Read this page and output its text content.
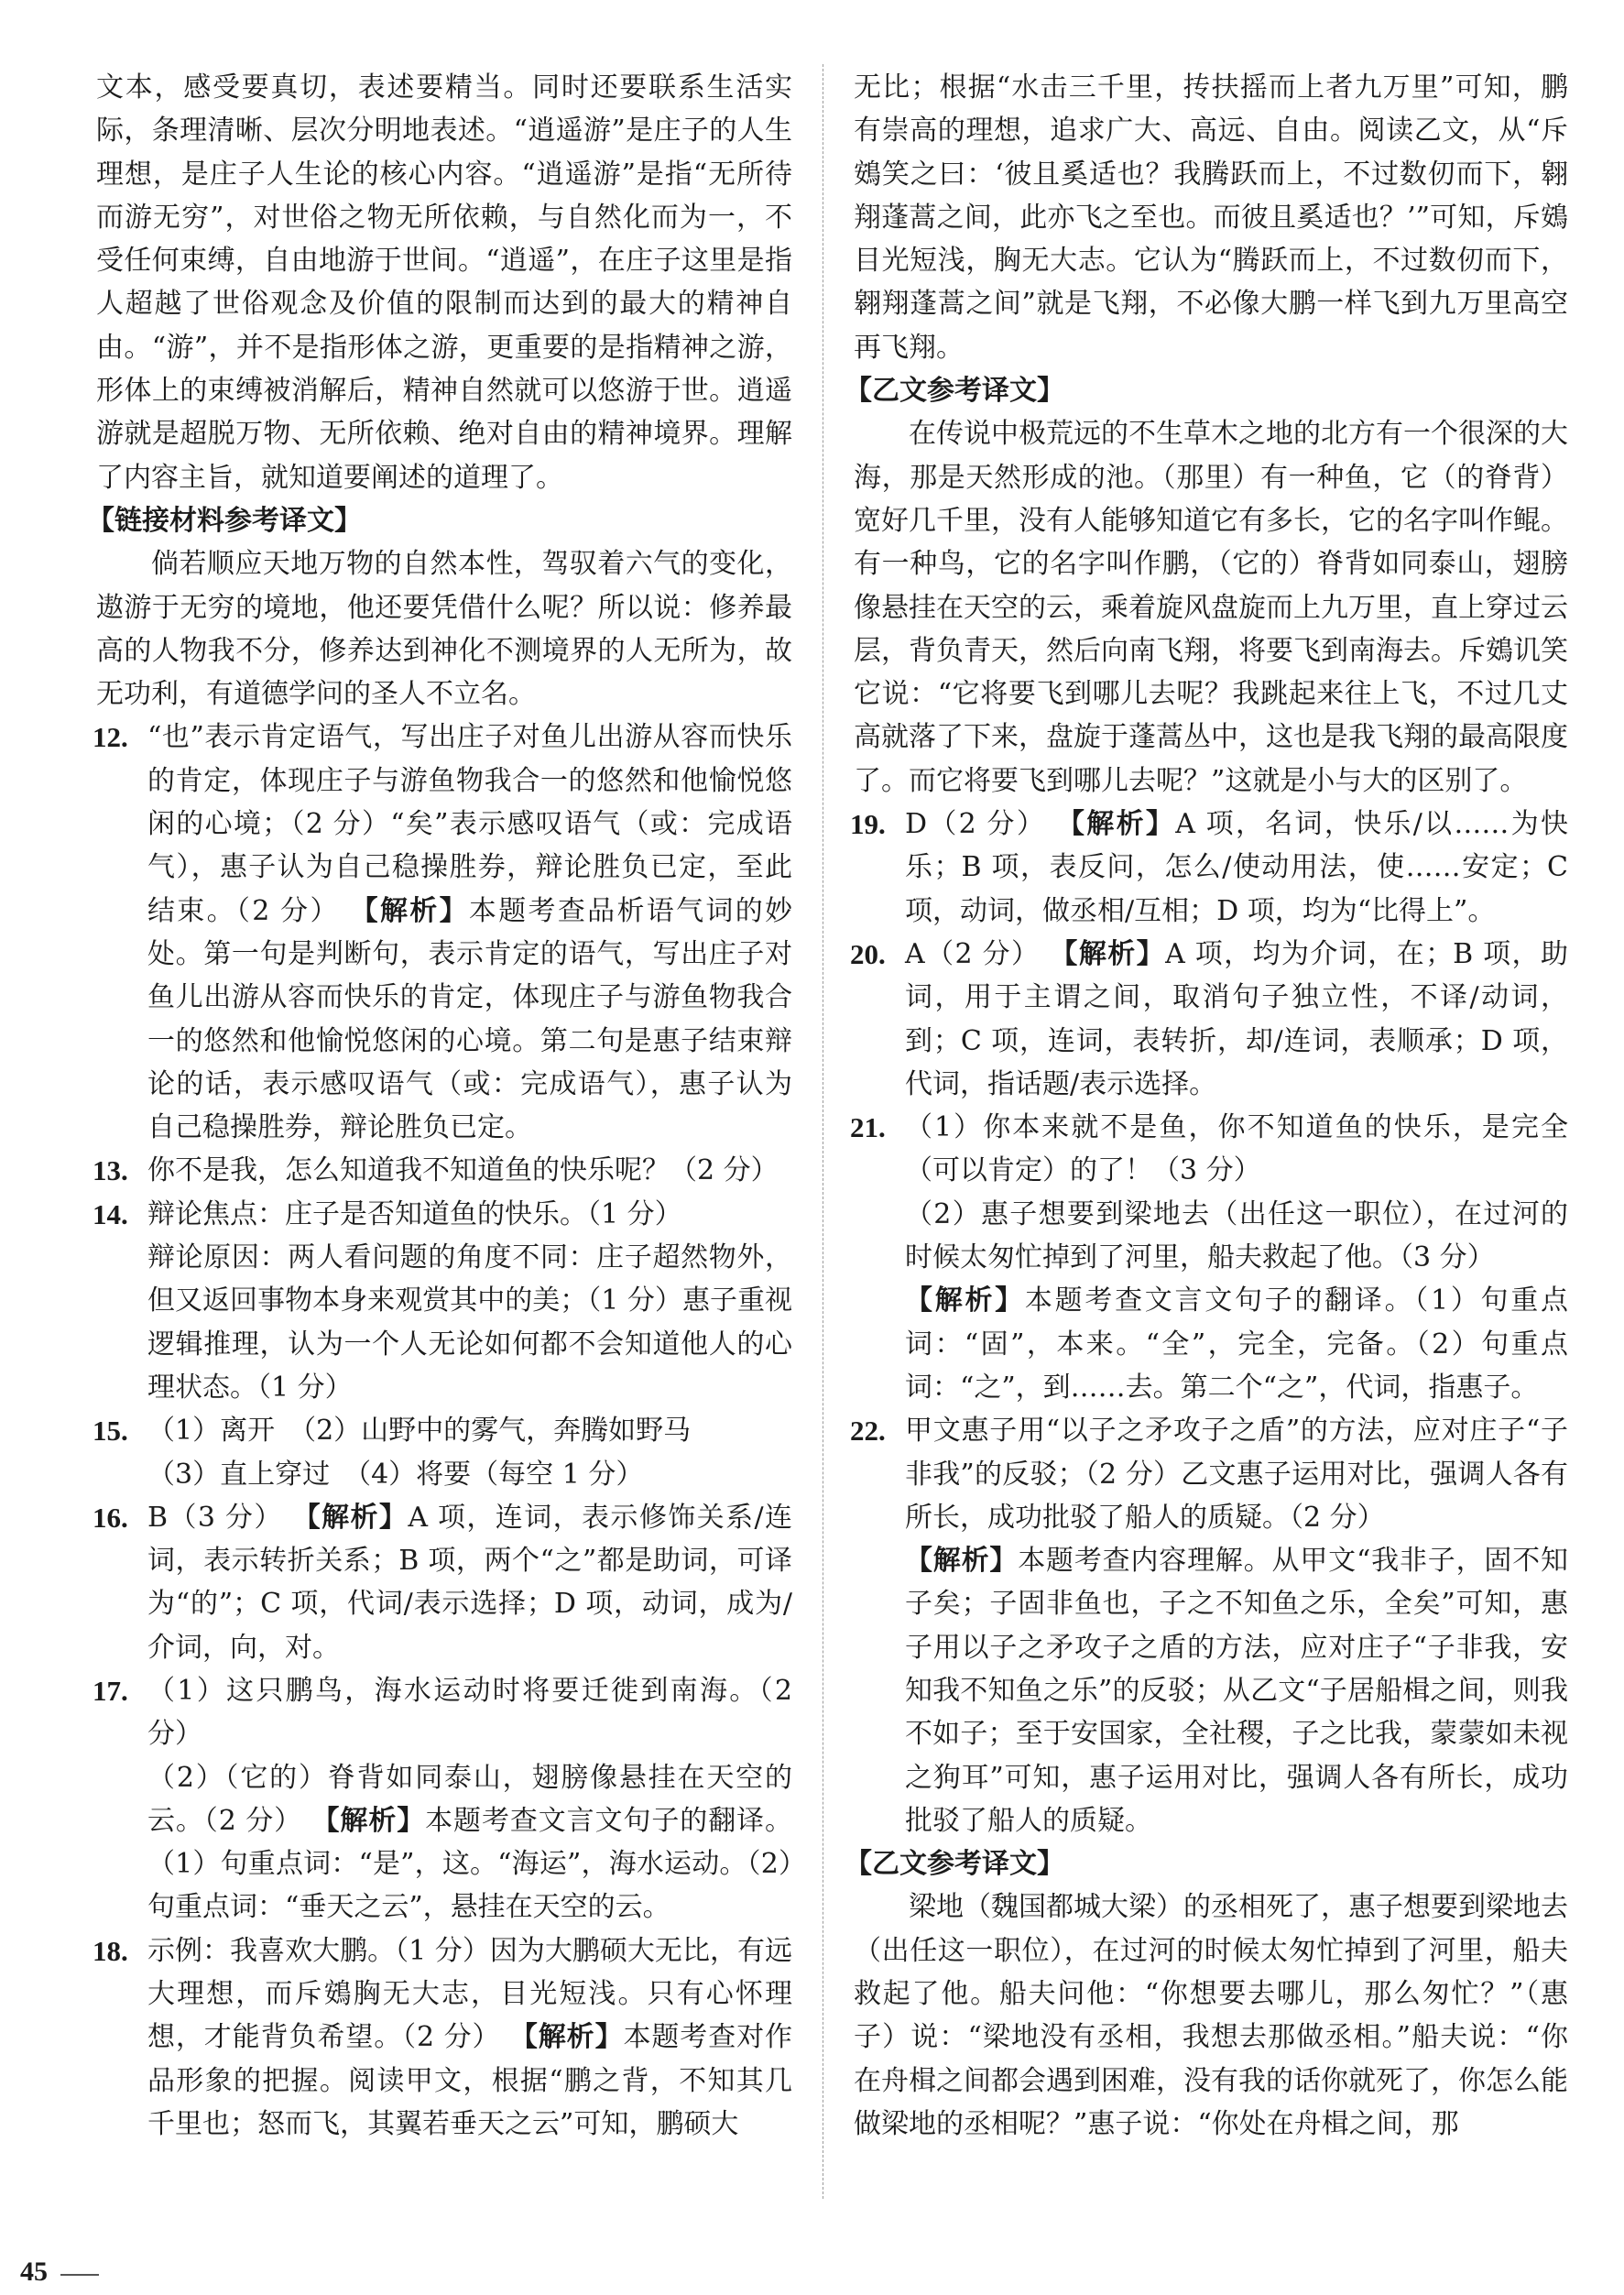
文本，感受要真切，表述要精当。同时还要联系生活实际，条理清晰、层次分明地表述。“逍遥游”是庄子的人生理想，是庄子人生论的核心内容。“逍遥游”是指“无所待而游无穷”，对世俗之物无所依赖，与自然化而为一，不受任何束缚，自由地游于世间。“逍遥”，在庄子这里是指人超越了世俗观念及价值的限制而达到的最大的精神自由。“游”，并不是指形体之游，更重要的是指精神之游，形体上的束缚被消解后，精神自然就可以悠游于世。逍遥游就是超脱万物、无所依赖、绝对自由的精神境界。理解了内容主旨，就知道要阐述的道理了。

【链接材料参考译文】

倘若顺应天地万物的自然本性，驾驭着六气的变化，遨游于无穷的境地，他还要凭借什么呢？所以说：修养最高的人物我不分，修养达到神化不测境界的人无所为，故无功利，有道德学问的圣人不立名。

12. “也”表示肯定语气，写出庄子对鱼儿出游从容而快乐的肯定，体现庄子与游鱼物我合一的悠然和他愉悦悠闲的心境；（2 分）“矣”表示感叹语气（或：完成语气），惠子认为自己稳操胜券，辩论胜负已定，至此结束。（2 分） 【解析】本题考查品析语气词的妙处。第一句是判断句，表示肯定的语气，写出庄子对鱼儿出游从容而快乐的肯定，体现庄子与游鱼物我合一的悠然和他愉悦悠闲的心境。第二句是惠子结束辩论的话，表示感叹语气（或：完成语气），惠子认为自己稳操胜券，辩论胜负已定。
13. 你不是我，怎么知道我不知道鱼的快乐呢？（2 分）
14. 辩论焦点：庄子是否知道鱼的快乐。（1 分）
辩论原因：两人看问题的角度不同：庄子超然物外，但又返回事物本身来观赏其中的美；（1 分）惠子重视逻辑推理，认为一个人无论如何都不会知道他人的心理状态。（1 分）
15. （1）离开　（2）山野中的雾气，奔腾如野马
（3）直上穿过　（4）将要（每空 1 分）
16. B（3 分） 【解析】A 项，连词，表示修饰关系/连词，表示转折关系；B 项，两个“之”都是助词，可译为“的”；C 项，代词/表示选择；D 项，动词，成为/介词，向，对。
17. （1）这只鹏鸟，海水运动时将要迁徙到南海。（2 分）
（2）（它的）脊背如同泰山，翅膀像悬挂在天空的云。（2 分） 【解析】本题考查文言文句子的翻译。（1）句重点词：“是”，这。“海运”，海水运动。（2）句重点词：“垂天之云”，悬挂在天空的云。
18. 示例：我喜欢大鹏。（1 分）因为大鹏硕大无比，有远大理想，而斥鴳胸无大志，目光短浅。只有心怀理想，才能背负希望。（2 分） 【解析】本题考查对作品形象的把握。阅读甲文，根据“鹏之背，不知其几千里也；怒而飞，其翼若垂天之云”可知，鹏硕大

无比；根据“水击三千里，抟扶摇而上者九万里”可知，鹏有崇高的理想，追求广大、高远、自由。阅读乙文，从“斥鴳笑之曰：‘彼且奚适也？我腾跃而上，不过数仞而下，翱翔蓬蒿之间，此亦飞之至也。而彼且奚适也？’”可知，斥鴳目光短浅，胸无大志。它认为“腾跃而上，不过数仞而下，翱翔蓬蒿之间”就是飞翔，不必像大鹏一样飞到九万里高空再飞翔。

【乙文参考译文】

在传说中极荒远的不生草木之地的北方有一个很深的大海，那是天然形成的池。（那里）有一种鱼，它（的脊背）宽好几千里，没有人能够知道它有多长，它的名字叫作鲲。有一种鸟，它的名字叫作鹏，（它的）脊背如同泰山，翅膀像悬挂在天空的云，乘着旋风盘旋而上九万里，直上穿过云层，背负青天，然后向南飞翔，将要飞到南海去。斥鴳讥笑它说：“它将要飞到哪儿去呢？我跳起来往上飞，不过几丈高就落了下来，盘旋于蓬蒿丛中，这也是我飞翔的最高限度了。而它将要飞到哪儿去呢？”这就是小与大的区别了。

19. D（2 分） 【解析】A 项，名词，快乐/以……为快乐；B 项，表反问，怎么/使动用法，使……安定；C 项，动词，做丞相/互相；D 项，均为“比得上”。
20. A（2 分） 【解析】A 项，均为介词，在；B 项，助词，用于主谓之间，取消句子独立性，不译/动词，到；C 项，连词，表转折，却/连词，表顺承；D 项，代词，指话题/表示选择。
21. （1）你本来就不是鱼，你不知道鱼的快乐，是完全（可以肯定）的了！（3 分）
（2）惠子想要到梁地去（出任这一职位），在过河的时候太匆忙掉到了河里，船夫救起了他。（3 分）
【解析】本题考查文言文句子的翻译。（1）句重点词：“固”，本来。“全”，完全，完备。（2）句重点词：“之”，到……去。第二个“之”，代词，指惠子。
22. 甲文惠子用“以子之矛攻子之盾”的方法，应对庄子“子非我”的反驳；（2 分）乙文惠子运用对比，强调人各有所长，成功批驳了船人的质疑。（2 分）
【解析】本题考查内容理解。从甲文“我非子，固不知子矣；子固非鱼也，子之不知鱼之乐，全矣”可知，惠子用以子之矛攻子之盾的方法，应对庄子“子非我，安知我不知鱼之乐”的反驳；从乙文“子居船楫之间，则我不如子；至于安国家，全社稷，子之比我，蒙蒙如未视之狗耳”可知，惠子运用对比，强调人各有所长，成功批驳了船人的质疑。

【乙文参考译文】

梁地（魏国都城大梁）的丞相死了，惠子想要到梁地去（出任这一职位），在过河的时候太匆忙掉到了河里，船夫救起了他。船夫问他：“你想要去哪儿，那么匆忙？”（惠子）说：“梁地没有丞相，我想去那做丞相。”船夫说：“你在舟楫之间都会遇到困难，没有我的话你就死了，你怎么能做梁地的丞相呢？”惠子说：“你处在舟楫之间，那

45
